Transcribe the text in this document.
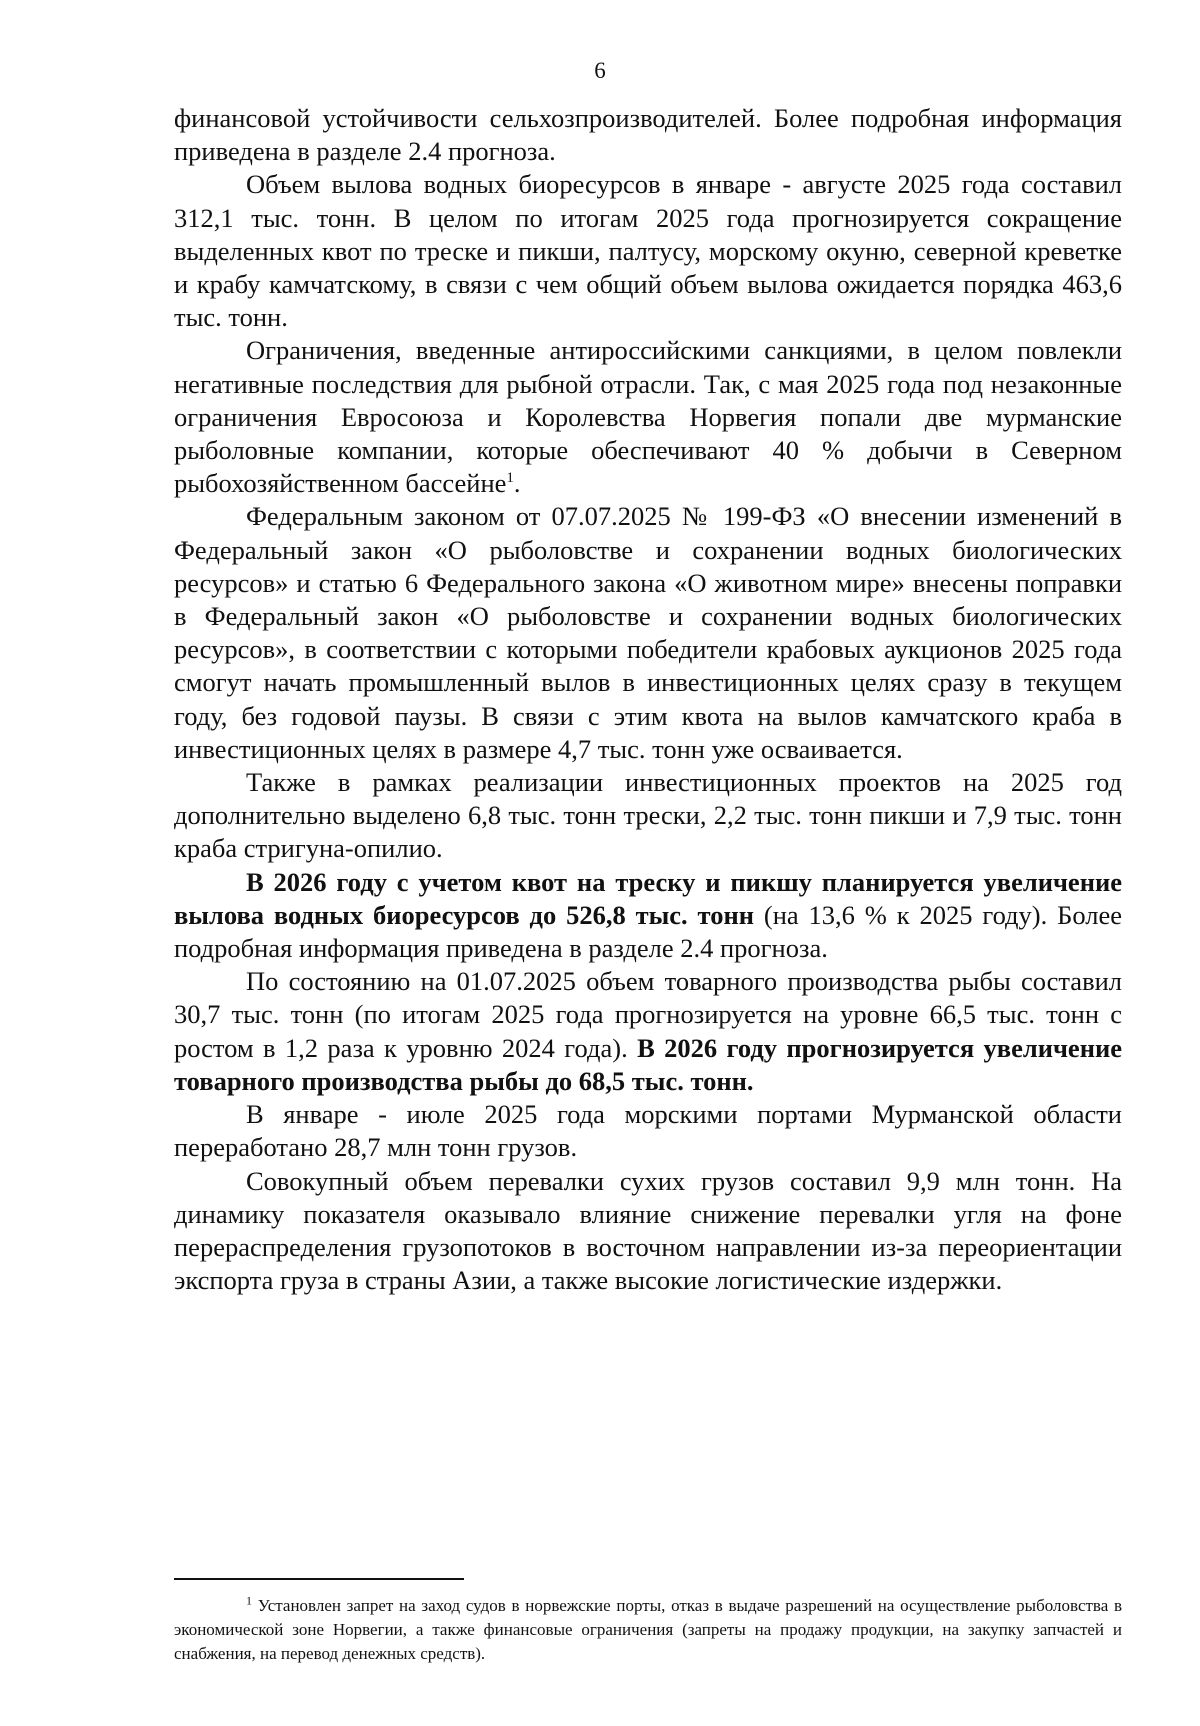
6

финансовой устойчивости сельхозпроизводителей. Более подробная информация приведена в разделе 2.4 прогноза.

Объем вылова водных биоресурсов в январе - августе 2025 года составил 312,1 тыс. тонн. В целом по итогам 2025 года прогнозируется сокращение выделенных квот по треске и пикши, палтусу, морскому окуню, северной креветке и крабу камчатскому, в связи с чем общий объем вылова ожидается порядка 463,6 тыс. тонн.

Ограничения, введенные антироссийскими санкциями, в целом повлекли негативные последствия для рыбной отрасли. Так, с мая 2025 года под незаконные ограничения Евросоюза и Королевства Норвегия попали две мурманские рыболовные компании, которые обеспечивают 40 % добычи в Северном рыбохозяйственном бассейне$^1$.

Федеральным законом от 07.07.2025 № 199-ФЗ «О внесении изменений в Федеральный закон «О рыболовстве и сохранении водных биологических ресурсов» и статью 6 Федерального закона «О животном мире» внесены поправки в Федеральный закон «О рыболовстве и сохранении водных биологических ресурсов», в соответствии с которыми победители крабовых аукционов 2025 года смогут начать промышленный вылов в инвестиционных целях сразу в текущем году, без годовой паузы. В связи с этим квота на вылов камчатского краба в инвестиционных целях в размере 4,7 тыс. тонн уже осваивается.

Также в рамках реализации инвестиционных проектов на 2025 год дополнительно выделено 6,8 тыс. тонн трески, 2,2 тыс. тонн пикши и 7,9 тыс. тонн краба стригуна-опилио.

В 2026 году с учетом квот на треску и пикшу планируется увеличение вылова водных биоресурсов до 526,8 тыс. тонн (на 13,6 % к 2025 году). Более подробная информация приведена в разделе 2.4 прогноза.

По состоянию на 01.07.2025 объем товарного производства рыбы составил 30,7 тыс. тонн (по итогам 2025 года прогнозируется на уровне 66,5 тыс. тонн с ростом в 1,2 раза к уровню 2024 года). В 2026 году прогнозируется увеличение товарного производства рыбы до 68,5 тыс. тонн.

В январе - июле 2025 года морскими портами Мурманской области переработано 28,7 млн тонн грузов.

Совокупный объем перевалки сухих грузов составил 9,9 млн тонн. На динамику показателя оказывало влияние снижение перевалки угля на фоне перераспределения грузопотоков в восточном направлении из-за переориентации экспорта груза в страны Азии, а также высокие логистические издержки.

$^1$ Установлен запрет на заход судов в норвежские порты, отказ в выдаче разрешений на осуществление рыболовства в экономической зоне Норвегии, а также финансовые ограничения (запреты на продажу продукции, на закупку запчастей и снабжения, на перевод денежных средств).
